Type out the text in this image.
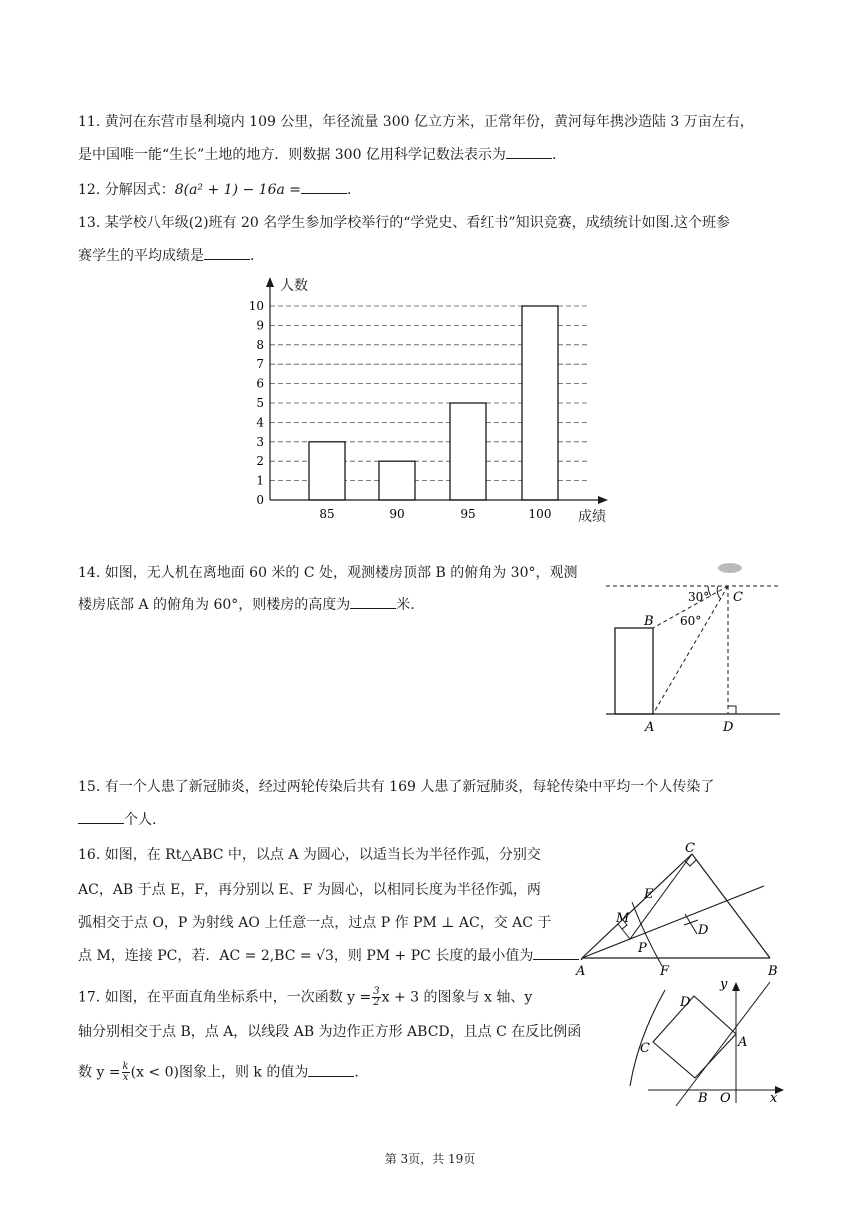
11. 黄河在东营市垦利境内 109 公里，年径流量 300 亿立方米，正常年份，黄河每年携沙造陆 3 万亩左右，
是中国唯一能“生长”土地的地方．则数据 300 亿用科学记数法表示为	.
12. 分解因式：8(a² + 1) − 16a =	.
13. 某学校八年级(2)班有 20 名学生参加学校举行的“学党史、看红书”知识竞赛，成绩统计如图.这个班参
赛学生的平均成绩是	.
0
1
2
3
4
5
6
7
8
9
10
85	90	95	100
人数
成绩
14. 如图，无人机在离地面 60 米的 C 处，观测楼房顶部 B 的俯角为 30°，观测
楼房底部 A 的俯角为 60°，则楼房的高度为	米.	C
30°
60°
B
A	D
15. 有一个人患了新冠肺炎，经过两轮传染后共有 169 人患了新冠肺炎，每轮传染中平均一个人传染了
个人.
16. 如图，在 Rt△ABC 中，以点 A 为圆心，以适当长为半径作弧，分别交
AC，AB 于点 E，F，再分别以 E、F 为圆心，以相同长度为半径作弧，两
弧相交于点 O，P 为射线 AO 上任意一点，过点 P 作 PM ⊥ AC，交 AC 于
点 M，连接 PC，若．AC = 2,BC = √3，则 PM + PC 长度的最小值为	.
C
E
M
D
P
A	F	B
17. 如图，在平面直角坐标系中，一次函数 $y = \frac{3}{2}$ x + 3 的图象与 x 轴、y
轴分别相交于点 B，点 A，以线段 AB 为边作正方形 ABCD，且点 C 在反比例函
数 $y = \frac{k}{x} (x < 0)$图象上，则 k 的值为	.
D
y
C	A
B O	x
第 3页，共 19页
